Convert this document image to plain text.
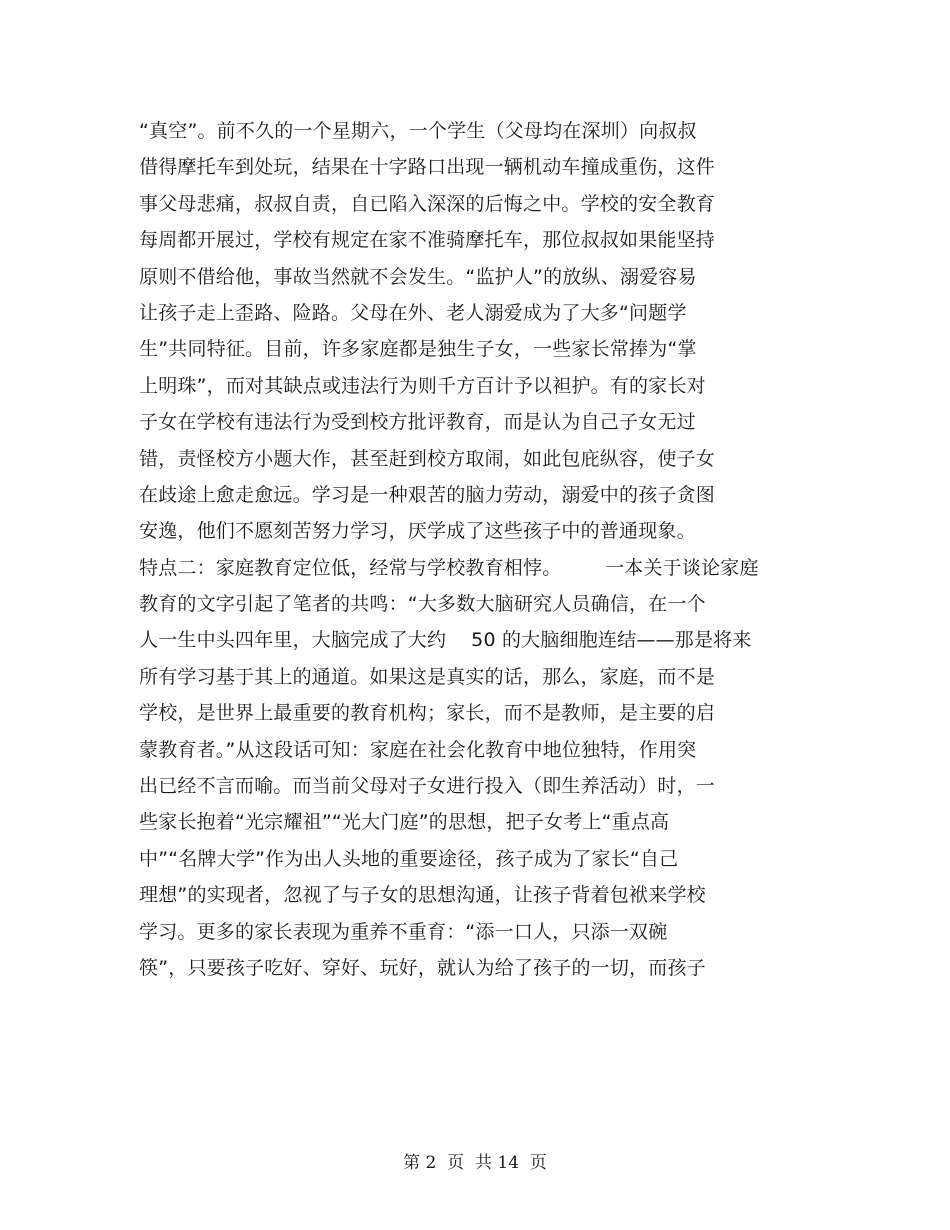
“真空”。前不久的一个星期六，一个学生（父母均在深圳）向叔叔
借得摩托车到处玩，结果在十字路口出现一辆机动车撞成重伤，这件
事父母悲痛，叔叔自责，自已陷入深深的后悔之中。学校的安全教育
每周都开展过，学校有规定在家不准骑摩托车，那位叔叔如果能坚持
原则不借给他，事故当然就不会发生。“监护人”的放纵、溺爱容易
让孩子走上歪路、险路。父母在外、老人溺爱成为了大多“问题学
生”共同特征。目前，许多家庭都是独生子女，一些家长常捧为“掌
上明珠”，而对其缺点或违法行为则千方百计予以袒护。有的家长对
子女在学校有违法行为受到校方批评教育，而是认为自己子女无过
错，责怪校方小题大作，甚至赶到校方取闹，如此包庇纵容，使子女
在歧途上愈走愈远。学习是一种艰苦的脑力劳动，溺爱中的孩子贪图
安逸，他们不愿刻苦努力学习，厌学成了这些孩子中的普通现象。
特点二：家庭教育定位低，经常与学校教育相悖。       一本关于谈论家庭
教育的文字引起了笔者的共鸣：“大多数大脑研究人员确信，在一个
人一生中头四年里，大脑完成了大约    50 的大脑细胞连结——那是将来
所有学习基于其上的通道。如果这是真实的话，那么，家庭，而不是
学校，是世界上最重要的教育机构；家长，而不是教师，是主要的启
蒙教育者。”从这段话可知：家庭在社会化教育中地位独特，作用突
出已经不言而喻。而当前父母对子女进行投入（即生养活动）时，一
些家长抱着“光宗耀祖”“光大门庭”的思想，把子女考上“重点高
中”“名牌大学”作为出人头地的重要途径，孩子成为了家长“自己
理想”的实现者，忽视了与子女的思想沟通，让孩子背着包袱来学校
学习。更多的家长表现为重养不重育：“添一口人，只添一双碗
筷”，只要孩子吃好、穿好、玩好，就认为给了孩子的一切，而孩子
第 2  页  共 14  页
